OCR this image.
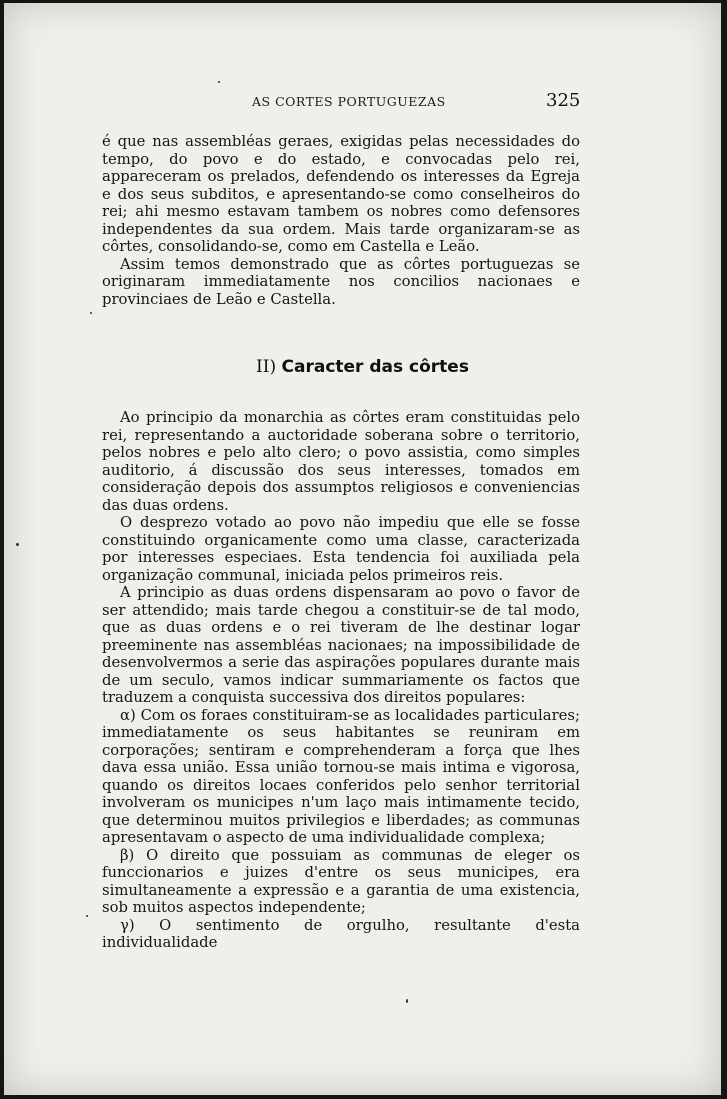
AS CORTES PORTUGUEZAS	325

é que nas assembléas geraes, exigidas pelas necessidades do tempo, do povo e do estado, e convocadas pelo rei, appareceram os prelados, defendendo os interesses da Egreja e dos seus subditos, e apresentando-se como conselheiros do rei; ahi mesmo estavam tambem os nobres como defensores independentes da sua ordem. Mais tarde organizaram-se as côrtes, consolidando-se, como em Castella e Leão.

Assim temos demonstrado que as côrtes portuguezas se originaram immediatamente nos concilios nacionaes e provinciaes de Leão e Castella.

II) Caracter das côrtes

Ao principio da monarchia as côrtes eram constituidas pelo rei, representando a auctoridade soberana sobre o territorio, pelos nobres e pelo alto clero; o povo assistia, como simples auditorio, á discussão dos seus interesses, tomados em consideração depois dos assumptos religiosos e conveniencias das duas ordens.

O desprezo votado ao povo não impediu que elle se fosse constituindo organicamente como uma classe, caracterizada por interesses especiaes. Esta tendencia foi auxiliada pela organização communal, iniciada pelos primeiros reis.

A principio as duas ordens dispensaram ao povo o favor de ser attendido; mais tarde chegou a constituir-se de tal modo, que as duas ordens e o rei tiveram de lhe destinar logar preeminente nas assembléas nacionaes; na impossibilidade de desenvolvermos a serie das aspirações populares durante mais de um seculo, vamos indicar summariamente os factos que traduzem a conquista successiva dos direitos populares:

α) Com os foraes constituiram-se as localidades particulares; immediatamente os seus habitantes se reuniram em corporações; sentiram e comprehenderam a força que lhes dava essa união. Essa união tornou-se mais intima e vigorosa, quando os direitos locaes conferidos pelo senhor territorial involveram os municipes n'um laço mais intimamente tecido, que determinou muitos privilegios e liberdades; as communas apresentavam o aspecto de uma individualidade complexa;

β) O direito que possuiam as communas de eleger os funccionarios e juizes d'entre os seus municipes, era simultaneamente a expressão e a garantia de uma existencia, sob muitos aspectos independente;

γ) O sentimento de orgulho, resultante d'esta individualidade
